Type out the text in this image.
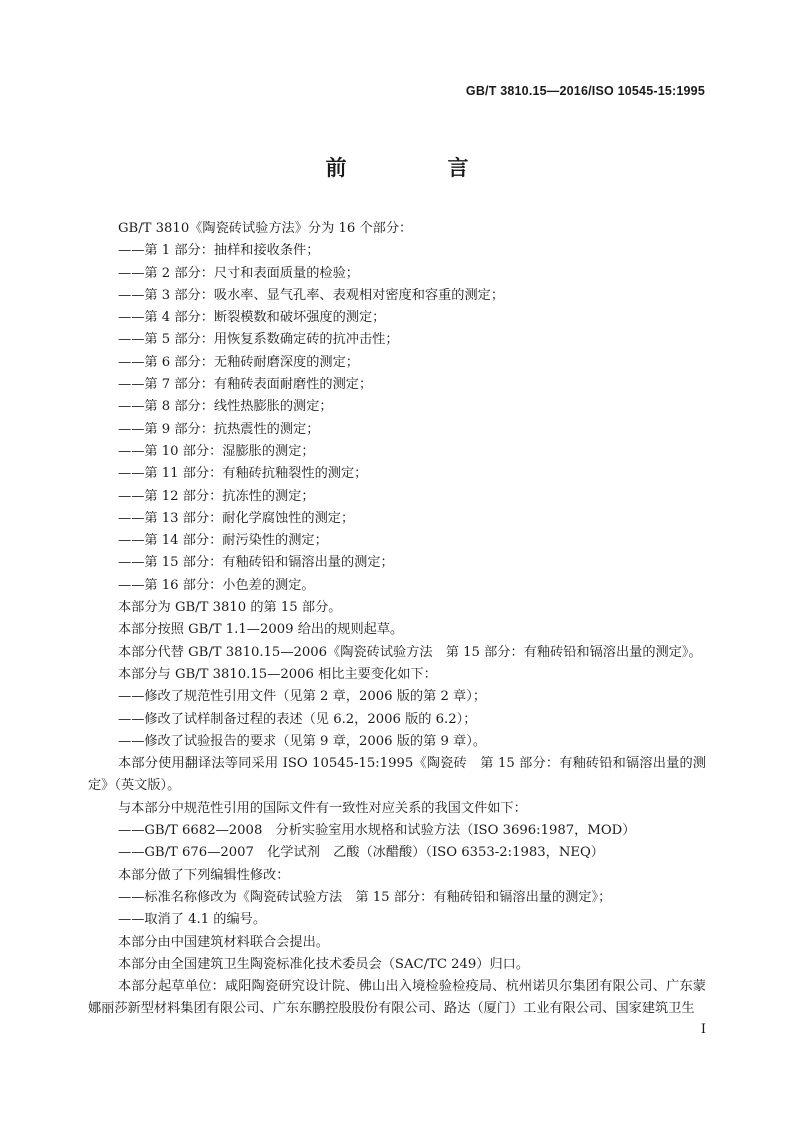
GB/T 3810.15—2016/ISO 10545-15:1995
前　言

GB/T 3810《陶瓷砖试验方法》分为 16 个部分：

——第 1 部分：抽样和接收条件；

——第 2 部分：尺寸和表面质量的检验；

——第 3 部分：吸水率、显气孔率、表观相对密度和容重的测定；

——第 4 部分：断裂模数和破坏强度的测定；

——第 5 部分：用恢复系数确定砖的抗冲击性；

——第 6 部分：无釉砖耐磨深度的测定；

——第 7 部分：有釉砖表面耐磨性的测定；

——第 8 部分：线性热膨胀的测定；

——第 9 部分：抗热震性的测定；

——第 10 部分：湿膨胀的测定；

——第 11 部分：有釉砖抗釉裂性的测定；

——第 12 部分：抗冻性的测定；

——第 13 部分：耐化学腐蚀性的测定；

——第 14 部分：耐污染性的测定；

——第 15 部分：有釉砖铅和镉溶出量的测定；

——第 16 部分：小色差的测定。

本部分为 GB/T 3810 的第 15 部分。

本部分按照 GB/T 1.1—2009 给出的规则起草。

本部分代替 GB/T 3810.15—2006《陶瓷砖试验方法　第 15 部分：有釉砖铅和镉溶出量的测定》。

本部分与 GB/T 3810.15—2006 相比主要变化如下：

——修改了规范性引用文件（见第 2 章，2006 版的第 2 章）；

——修改了试样制备过程的表述（见 6.2，2006 版的 6.2）；

——修改了试验报告的要求（见第 9 章，2006 版的第 9 章）。

本部分使用翻译法等同采用 ISO 10545-15:1995《陶瓷砖　第 15 部分：有釉砖铅和镉溶出量的测定》（英文版）。

与本部分中规范性引用的国际文件有一致性对应关系的我国文件如下：

——GB/T 6682—2008　分析实验室用水规格和试验方法（ISO 3696:1987，MOD）

——GB/T 676—2007　化学试剂　乙酸（冰醋酸）（ISO 6353-2:1983，NEQ）

本部分做了下列编辑性修改：

——标准名称修改为《陶瓷砖试验方法　第 15 部分：有釉砖铅和镉溶出量的测定》；

——取消了 4.1 的编号。

本部分由中国建筑材料联合会提出。

本部分由全国建筑卫生陶瓷标准化技术委员会（SAC/TC 249）归口。

本部分起草单位：咸阳陶瓷研究设计院、佛山出入境检验检疫局、杭州诺贝尔集团有限公司、广东蒙娜丽莎新型材料集团有限公司、广东东鹏控股股份有限公司、路达（厦门）工业有限公司、国家建筑卫生

I
